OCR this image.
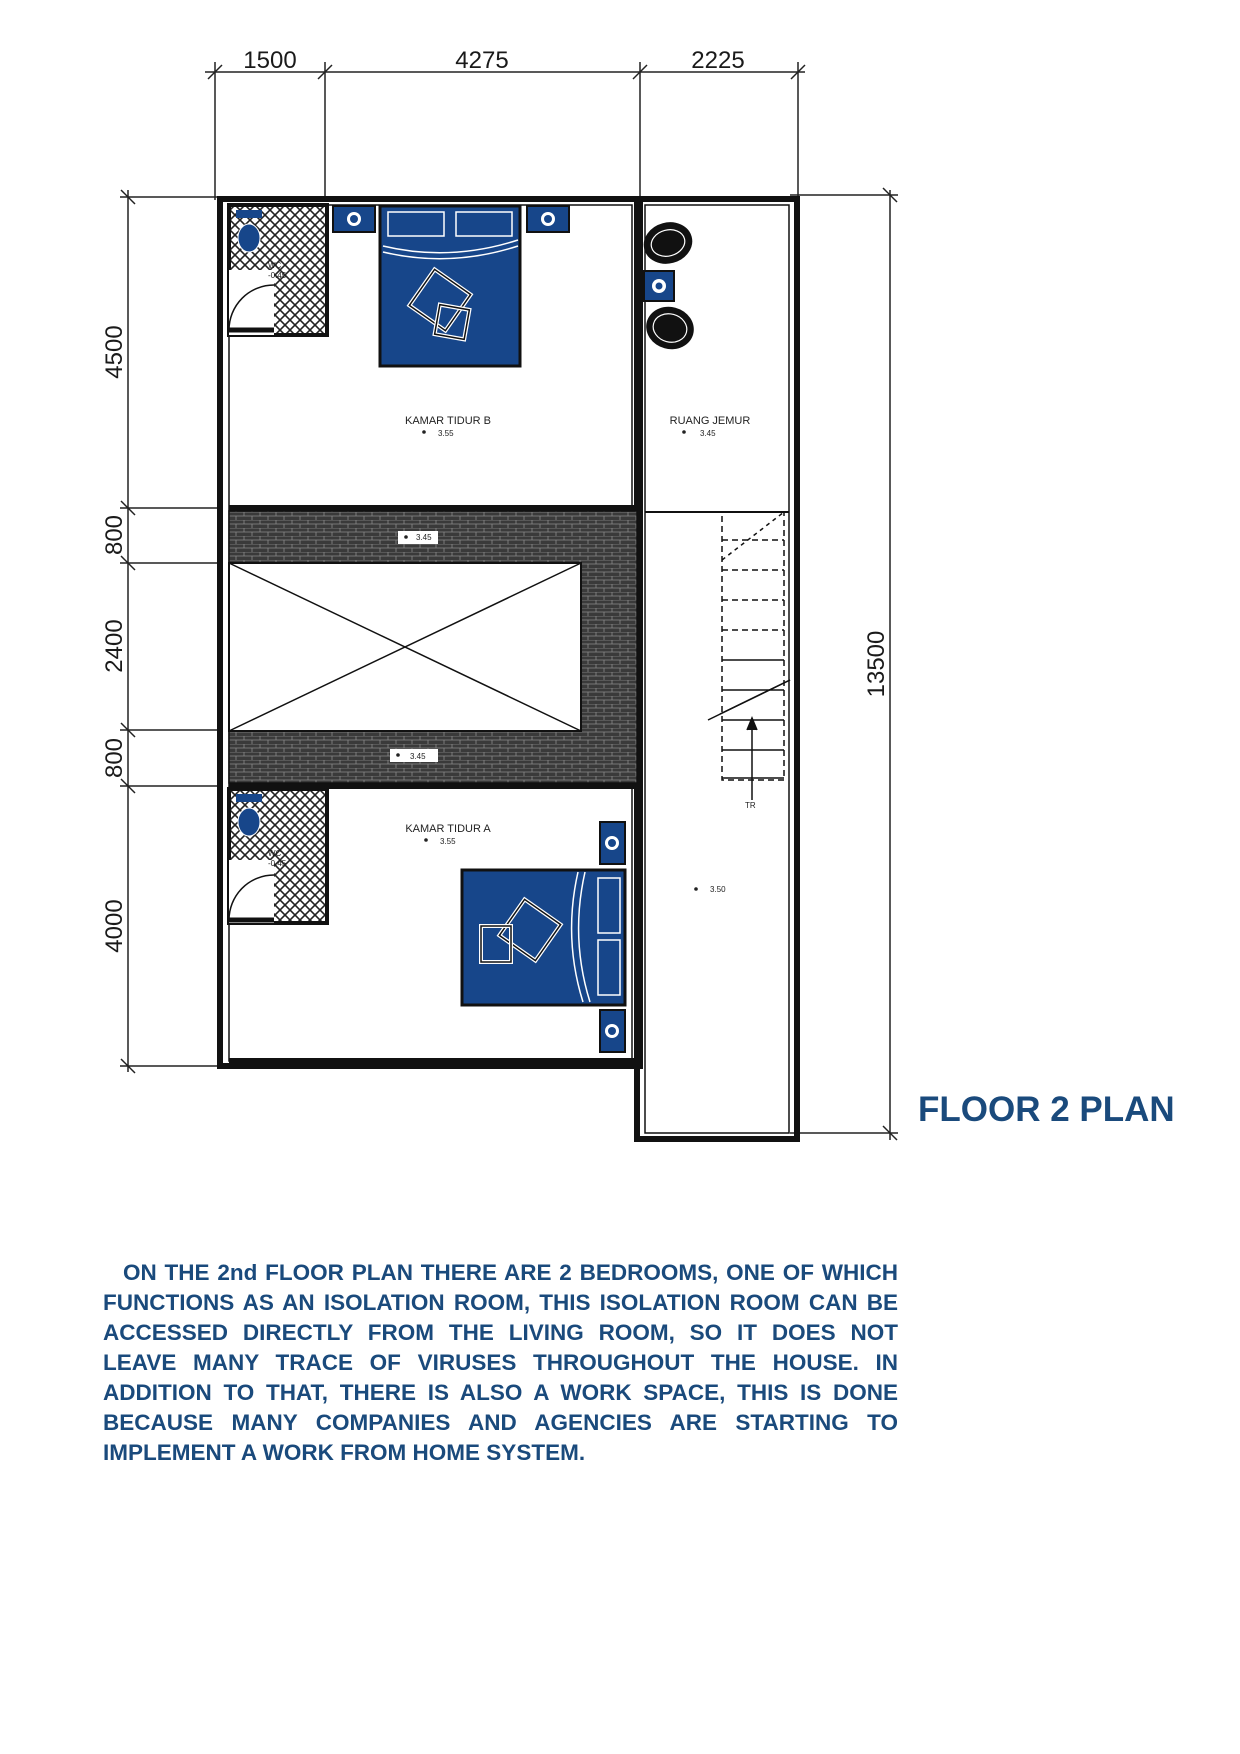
1500	4275	2225
4500
800
2400
800
4000
13500
WC
-0.45
WC
-0.45
KAMAR TIDUR B
3.55
RUANG JEMUR
3.45
3.45
3.45
TR
3.50
KAMAR TIDUR A
3.55
FLOOR 2 PLAN
ON THE 2nd FLOOR PLAN THERE ARE 2 BEDROOMS, ONE OF WHICH FUNCTIONS AS AN ISOLATION ROOM, THIS ISOLATION ROOM CAN BE ACCESSED DIRECTLY FROM THE LIVING ROOM, SO IT DOES NOT LEAVE MANY TRACE OF VIRUSES THROUGHOUT THE HOUSE. IN ADDITION TO THAT, THERE IS ALSO A WORK SPACE, THIS IS DONE BECAUSE MANY COMPANIES AND AGENCIES ARE STARTING TO IMPLEMENT A WORK FROM HOME SYSTEM.
